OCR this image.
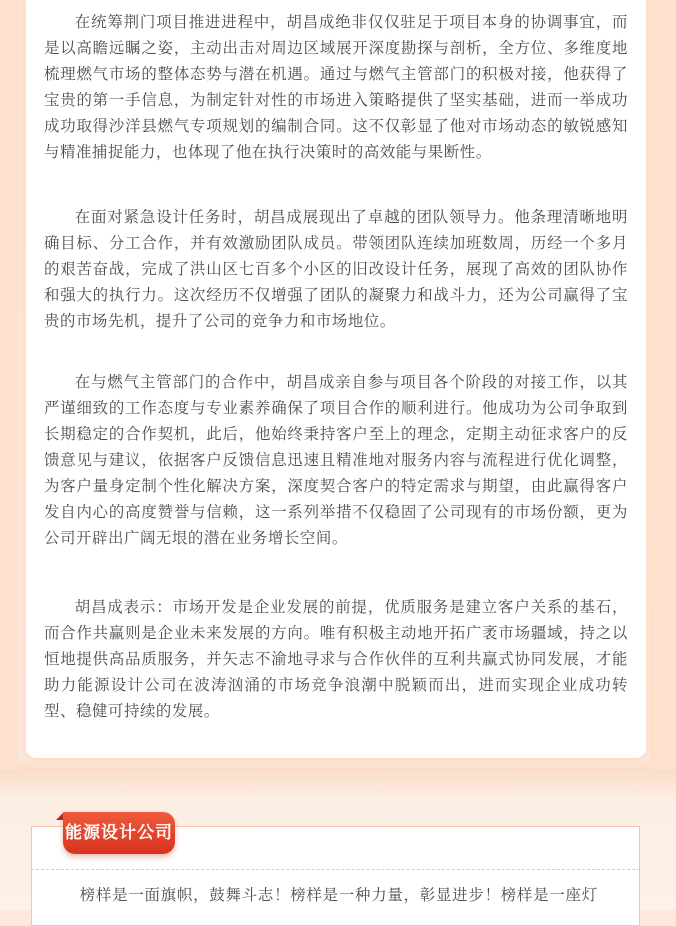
在统筹荆门项目推进进程中，胡昌成绝非仅仅驻足于项目本身的协调事宜，而是以高瞻远瞩之姿，主动出击对周边区域展开深度勘探与剖析，全方位、多维度地梳理燃气市场的整体态势与潜在机遇。通过与燃气主管部门的积极对接，他获得了宝贵的第一手信息，为制定针对性的市场进入策略提供了坚实基础，进而一举成功成功取得沙洋县燃气专项规划的编制合同。这不仅彰显了他对市场动态的敏锐感知与精准捕捉能力，也体现了他在执行决策时的高效能与果断性。

在面对紧急设计任务时，胡昌成展现出了卓越的团队领导力。他条理清晰地明确目标、分工合作，并有效激励团队成员。带领团队连续加班数周，历经一个多月的艰苦奋战，完成了洪山区七百多个小区的旧改设计任务，展现了高效的团队协作和强大的执行力。这次经历不仅增强了团队的凝聚力和战斗力，还为公司赢得了宝贵的市场先机，提升了公司的竞争力和市场地位。

在与燃气主管部门的合作中，胡昌成亲自参与项目各个阶段的对接工作，以其严谨细致的工作态度与专业素养确保了项目合作的顺利进行。他成功为公司争取到长期稳定的合作契机，此后，他始终秉持客户至上的理念，定期主动征求客户的反馈意见与建议，依据客户反馈信息迅速且精准地对服务内容与流程进行优化调整，为客户量身定制个性化解决方案，深度契合客户的特定需求与期望，由此赢得客户发自内心的高度赞誉与信赖，这一系列举措不仅稳固了公司现有的市场份额，更为公司开辟出广阔无垠的潜在业务增长空间。

胡昌成表示：市场开发是企业发展的前提，优质服务是建立客户关系的基石，而合作共赢则是企业未来发展的方向。唯有积极主动地开拓广袤市场疆域，持之以恒地提供高品质服务，并矢志不渝地寻求与合作伙伴的互利共赢式协同发展，才能助力能源设计公司在波涛汹涌的市场竞争浪潮中脱颖而出，进而实现企业成功转型、稳健可持续的发展。

能源设计公司

榜样是一面旗帜，鼓舞斗志！榜样是一种力量，彰显进步！榜样是一座灯
